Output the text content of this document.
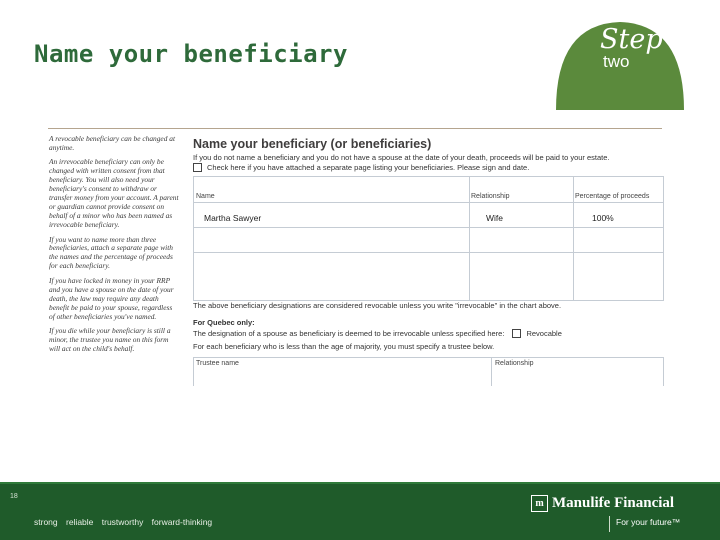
Name your beneficiary	Step
two

A revocable beneficiary can be changed at anytime.

An irrevocable beneficiary can only be changed with written consent from that beneficiary. You will also need your beneficiary's consent to withdraw or transfer money from your account. A parent or guardian cannot provide consent on behalf of a minor who has been named as irrevocable beneficiary.

If you want to name more than three beneficiaries, attach a separate page with the names and the percentage of proceeds for each beneficiary.

If you have locked in money in your RRP and you have a spouse on the date of your death, the law may require any death benefit be paid to your spouse, regardless of other beneficiaries you've named.

If you die while your beneficiary is still a minor, the trustee you name on this form will act on the child's behalf.

Name your beneficiary (or beneficiaries)
If you do not name a beneficiary and you do not have a spouse at the date of your death, proceeds will be paid to your estate.
Check here if you have attached a separate page listing your beneficiaries. Please sign and date.
Name	Relationship	Percentage of proceeds
Martha Sawyer	Wife	100%
The above beneficiary designations are considered revocable unless you write "irrevocable" in the chart above.
For Quebec only:
The designation of a spouse as beneficiary is deemed to be irrevocable unless specified here:	Revocable
For each beneficiary who is less than the age of majority, you must specify a trustee below.
Trustee name	Relationship
18
strong reliable trustworthy forward-thinking
m Manulife Financial
For your future™
